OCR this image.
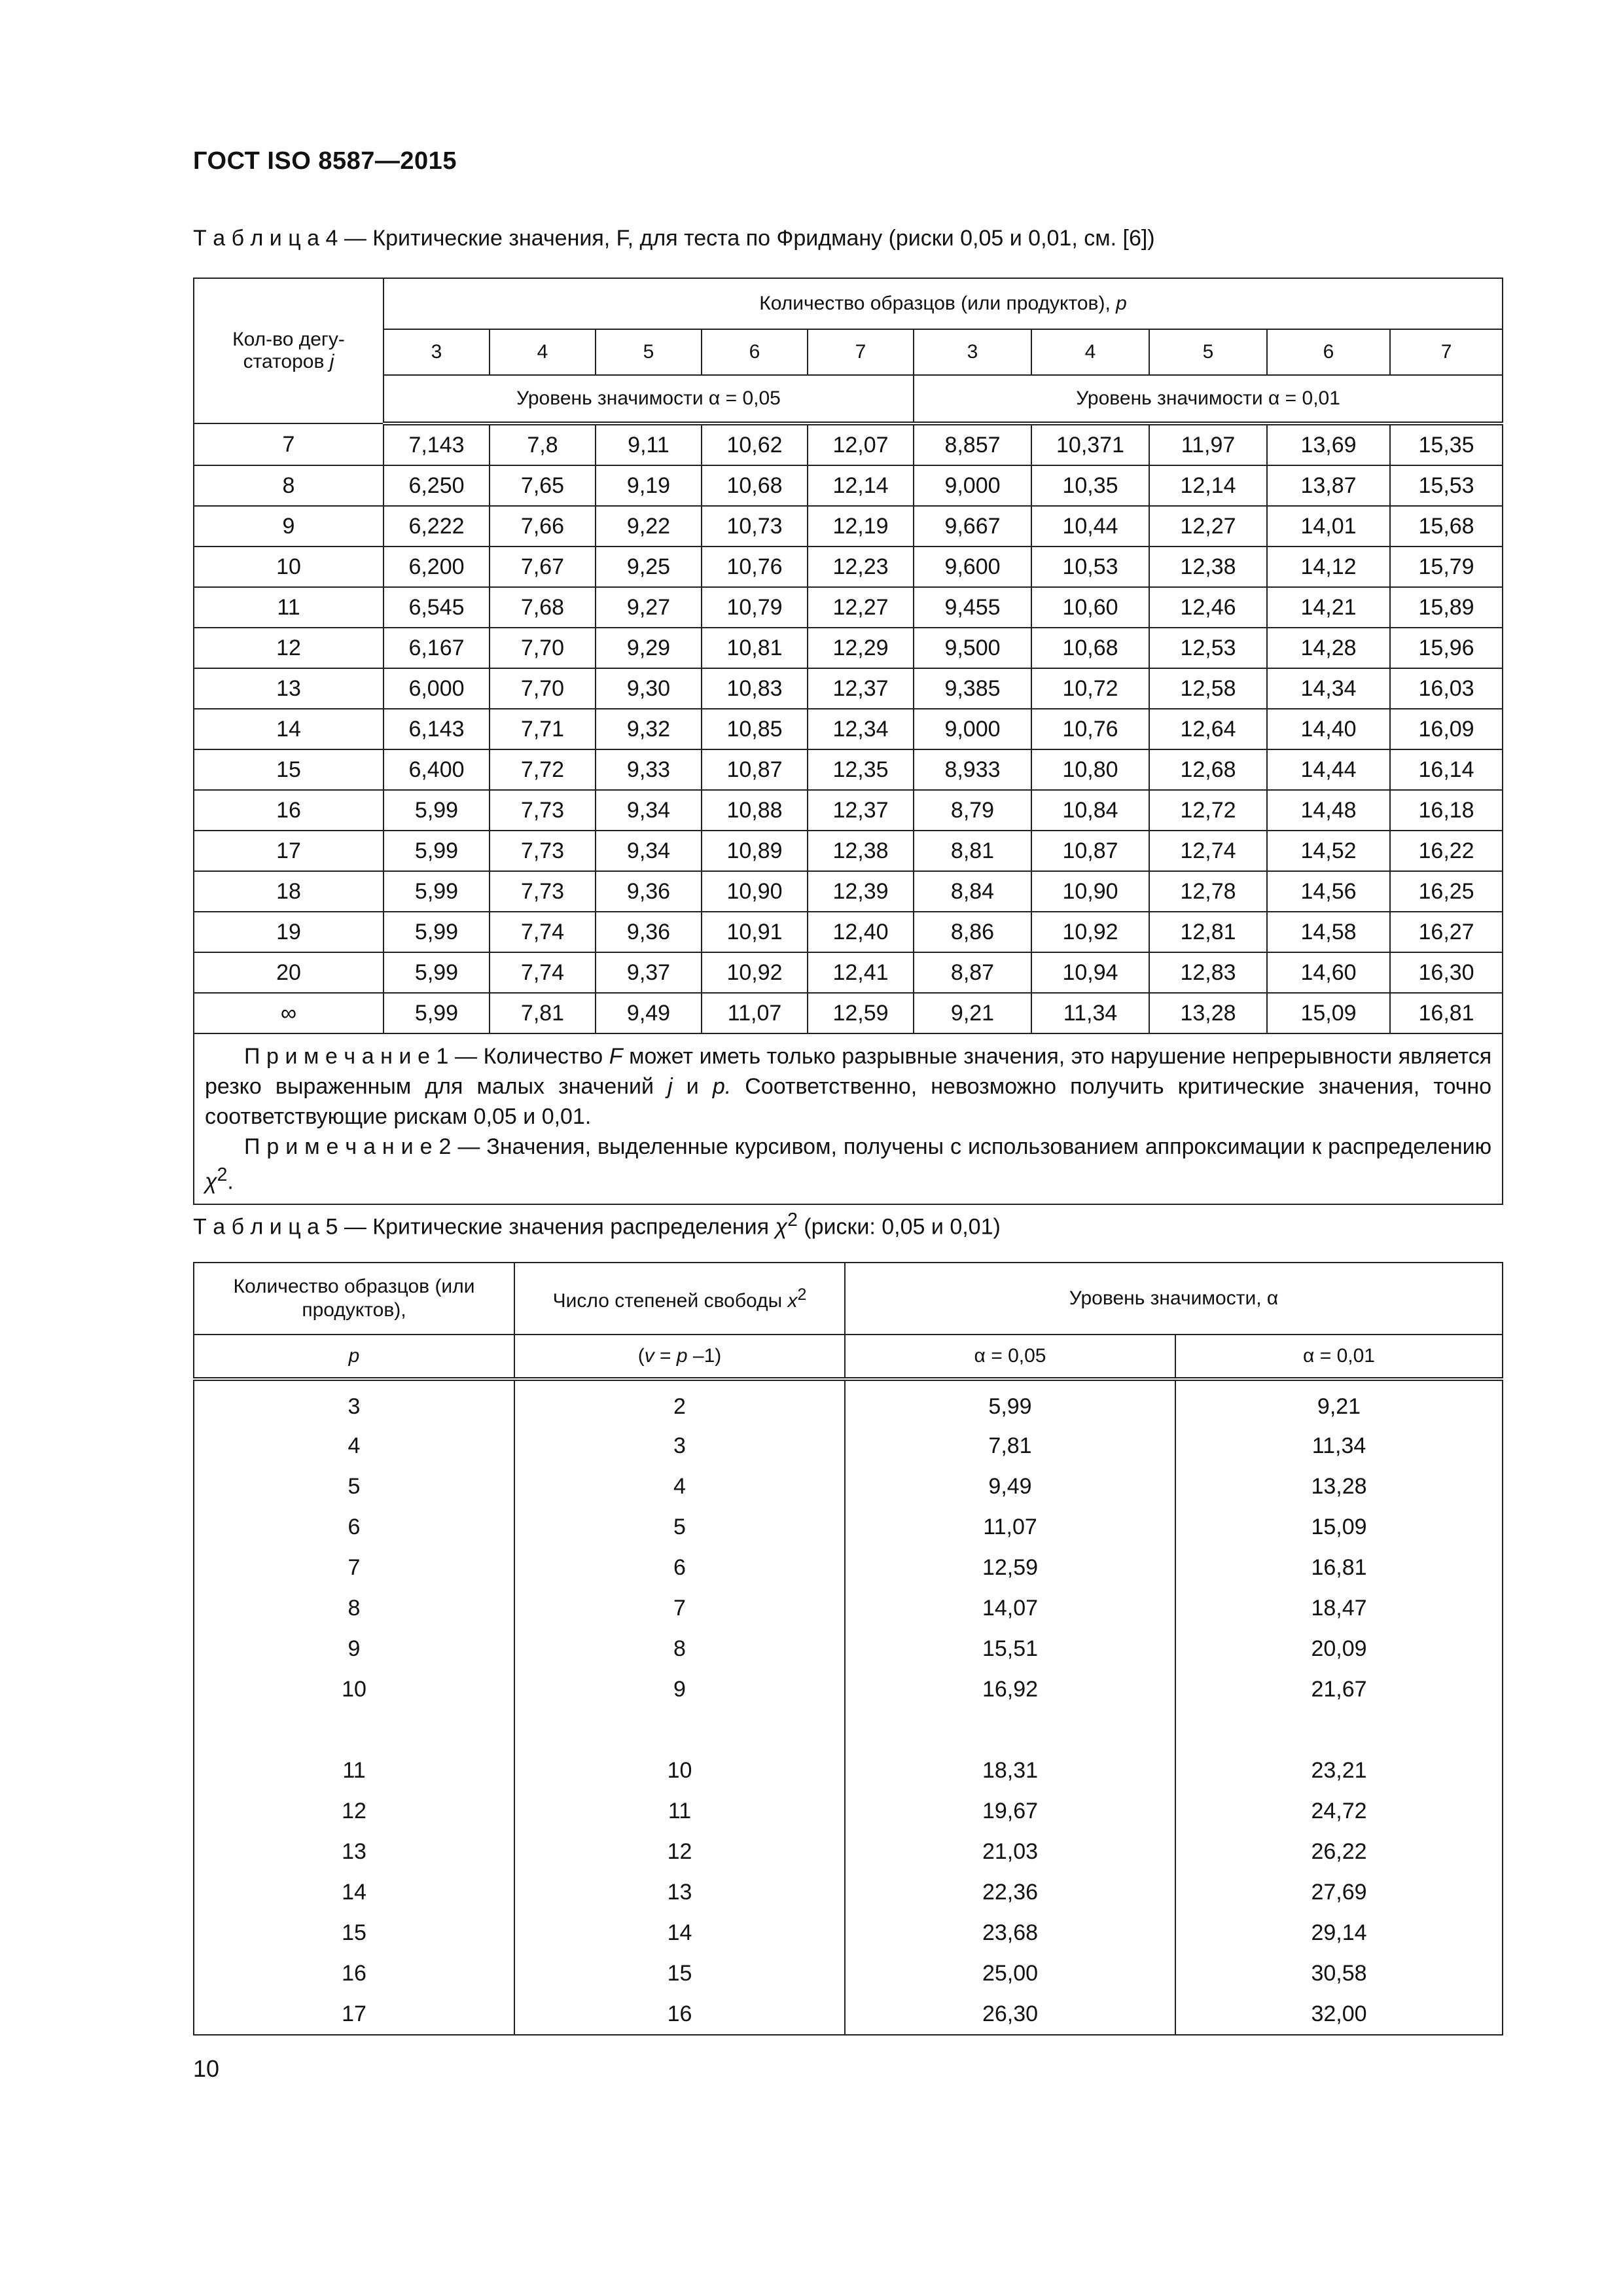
ГОСТ ISO 8587—2015
Т а б л и ц а 4 — Критические значения, F, для теста по Фридману (риски 0,05 и 0,01, см. [6])
Кол-во дегу-статоров j	Количество образцов (или продуктов), p									
	3	4	5	6	7	3	4	5	6	7
	Уровень значимости α = 0,05					Уровень значимости α = 0,01				
7	7,143	7,8	9,11	10,62	12,07	8,857	10,371	11,97	13,69	15,35
8	6,250	7,65	9,19	10,68	12,14	9,000	10,35	12,14	13,87	15,53
9	6,222	7,66	9,22	10,73	12,19	9,667	10,44	12,27	14,01	15,68
10	6,200	7,67	9,25	10,76	12,23	9,600	10,53	12,38	14,12	15,79
11	6,545	7,68	9,27	10,79	12,27	9,455	10,60	12,46	14,21	15,89
12	6,167	7,70	9,29	10,81	12,29	9,500	10,68	12,53	14,28	15,96
13	6,000	7,70	9,30	10,83	12,37	9,385	10,72	12,58	14,34	16,03
14	6,143	7,71	9,32	10,85	12,34	9,000	10,76	12,64	14,40	16,09
15	6,400	7,72	9,33	10,87	12,35	8,933	10,80	12,68	14,44	16,14
16	5,99	7,73	9,34	10,88	12,37	8,79	10,84	12,72	14,48	16,18
17	5,99	7,73	9,34	10,89	12,38	8,81	10,87	12,74	14,52	16,22
18	5,99	7,73	9,36	10,90	12,39	8,84	10,90	12,78	14,56	16,25
19	5,99	7,74	9,36	10,91	12,40	8,86	10,92	12,81	14,58	16,27
20	5,99	7,74	9,37	10,92	12,41	8,87	10,94	12,83	14,60	16,30
∞	5,99	7,81	9,49	11,07	12,59	9,21	11,34	13,28	15,09	16,81

П р и м е ч а н и е 1 — Количество F может иметь только разрывные значения, это нарушение непрерывности является резко выраженным для малых значений j и p. Соответственно, невозможно получить критические значения, точно соответствующие рискам 0,05 и 0,01.

П р и м е ч а н и е 2 — Значения, выделенные курсивом, получены с использованием аппроксимации к распределению $\chi^2$.										

Т а б л и ц а 5 — Критические значения распределения $\chi^2$ (риски: 0,05 и 0,01)
Количество образцов (или продуктов),	Число степеней свободы $x^2$	Уровень значимости, α	
p	(v = p –1)	α = 0,05	α = 0,01
3	2	5,99	9,21
4	3	7,81	11,34
5	4	9,49	13,28
6	5	11,07	15,09
7	6	12,59	16,81
8	7	14,07	18,47
9	8	15,51	20,09
10	9	16,92	21,67

11	10	18,31	23,21
12	11	19,67	24,72
13	12	21,03	26,22
14	13	22,36	27,69
15	14	23,68	29,14
16	15	25,00	30,58
17	16	26,30	32,00
10
